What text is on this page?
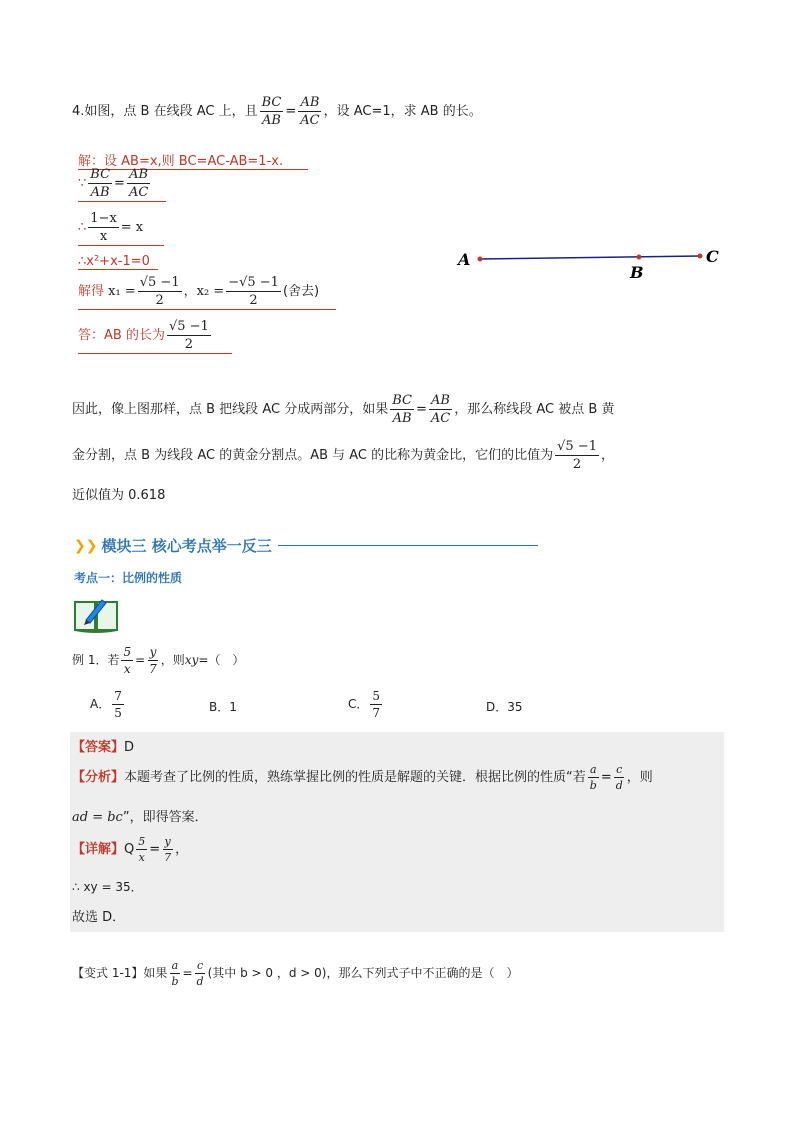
4.如图，点 B 在线段 AC 上，且 $\frac{BC}{AB} = \frac{AB}{AC}$ ，设 AC=1，求 AB 的长。
解：设 AB=x,则 BC=AC-AB=1-x.
∵ $\frac{BC}{AB} = \frac{AB}{AC}$
∴ $\frac{1-x}{x} = x$
∴x²+x-1=0
解得 $x_1 = \frac{√5 -1}{2}$ ，$x_2 = \frac{-√5 -1}{2}$ (舍去)
答：AB 的长为 $\frac{√5 -1}{2}$
A
B
C
因此，像上图那样，点 B 把线段 AC 分成两部分，如果 $\frac{BC}{AB} = \frac{AB}{AC}$ ，那么称线段 AC 被点 B 黄
金分割，点 B 为线段 AC 的黄金分割点。AB 与 AC 的比称为黄金比，它们的比值为 $\frac{√5 -1}{2}$ ，
近似值为 0.618
❯❯ 模块三 核心考点举一反三
考点一：比例的性质
例 1．若 $\frac{5}{x} = \frac{y}{7}$ ，则xy=（　）
A． $\frac{7}{5}$	B．1	C． $\frac{5}{7}$	D．35
【答案】D
【分析】本题考查了比例的性质，熟练掌握比例的性质是解题的关键．根据比例的性质“若 $\frac{a}{b} = \frac{c}{d}$ ，则
ad = bc”，即得答案．
【详解】Q $\frac{5}{x} = \frac{y}{7}$ ，
∴ xy = 35．
故选 D．
【变式 1-1】如果 $\frac{a}{b} = \frac{c}{d}$ (其中 b > 0 ，d > 0)，那么下列式子中不正确的是（　）
